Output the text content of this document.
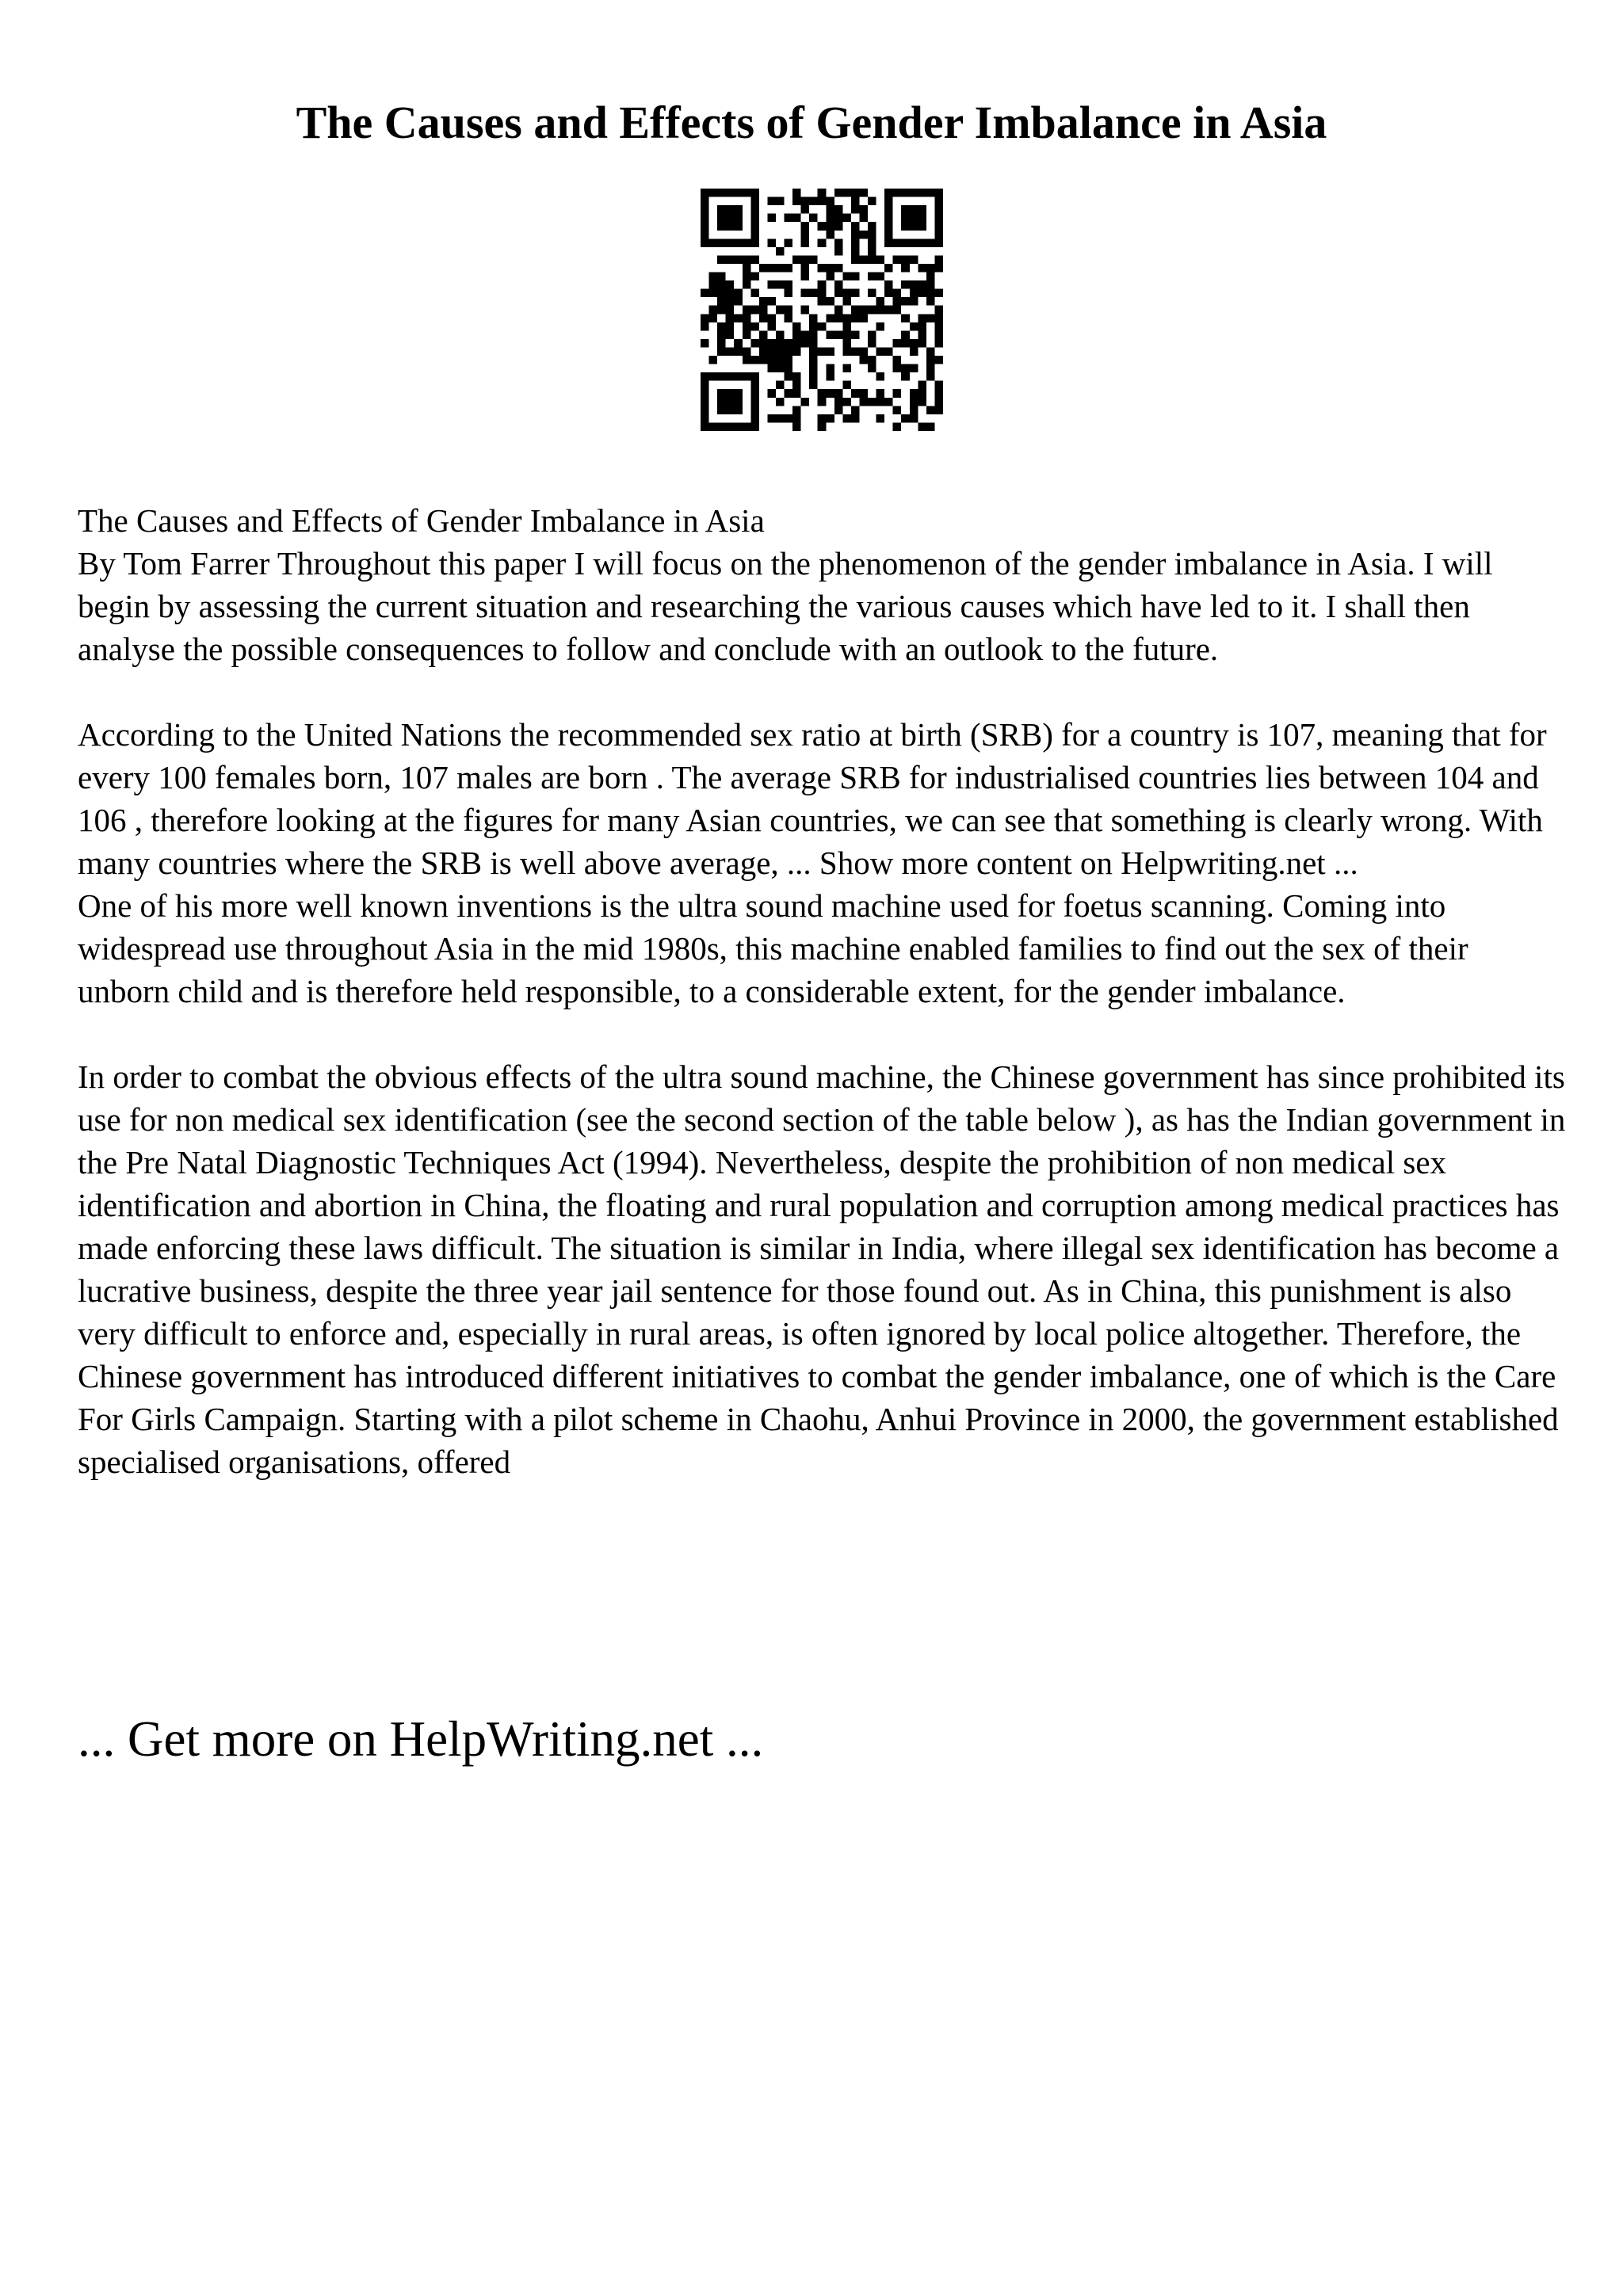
The Causes and Effects of Gender Imbalance in Asia

The Causes and Effects of Gender Imbalance in Asia

By Tom Farrer Throughout this paper I will focus on the phenomenon of the gender imbalance in Asia. I will begin by assessing the current situation and researching the various causes which have led to it. I shall then analyse the possible consequences to follow and conclude with an outlook to the future.

According to the United Nations the recommended sex ratio at birth (SRB) for a country is 107, meaning that for every 100 females born, 107 males are born . The average SRB for industrialised countries lies between 104 and 106 , therefore looking at the figures for many Asian countries, we can see that something is clearly wrong. With many countries where the SRB is well above average, ... Show more content on Helpwriting.net ...

One of his more well known inventions is the ultra sound machine used for foetus scanning. Coming into widespread use throughout Asia in the mid 1980s, this machine enabled families to find out the sex of their unborn child and is therefore held responsible, to a considerable extent, for the gender imbalance.

In order to combat the obvious effects of the ultra sound machine, the Chinese government has since prohibited its use for non medical sex identification (see the second section of the table below ), as has the Indian government in the Pre Natal Diagnostic Techniques Act (1994). Nevertheless, despite the prohibition of non medical sex identification and abortion in China, the floating and rural population and corruption among medical practices has made enforcing these laws difficult. The situation is similar in India, where illegal sex identification has become a lucrative business, despite the three year jail sentence for those found out. As in China, this punishment is also very difficult to enforce and, especially in rural areas, is often ignored by local police altogether. Therefore, the Chinese government has introduced different initiatives to combat the gender imbalance, one of which is the Care For Girls Campaign. Starting with a pilot scheme in Chaohu, Anhui Province in 2000, the government established specialised organisations, offered

... Get more on HelpWriting.net ...
